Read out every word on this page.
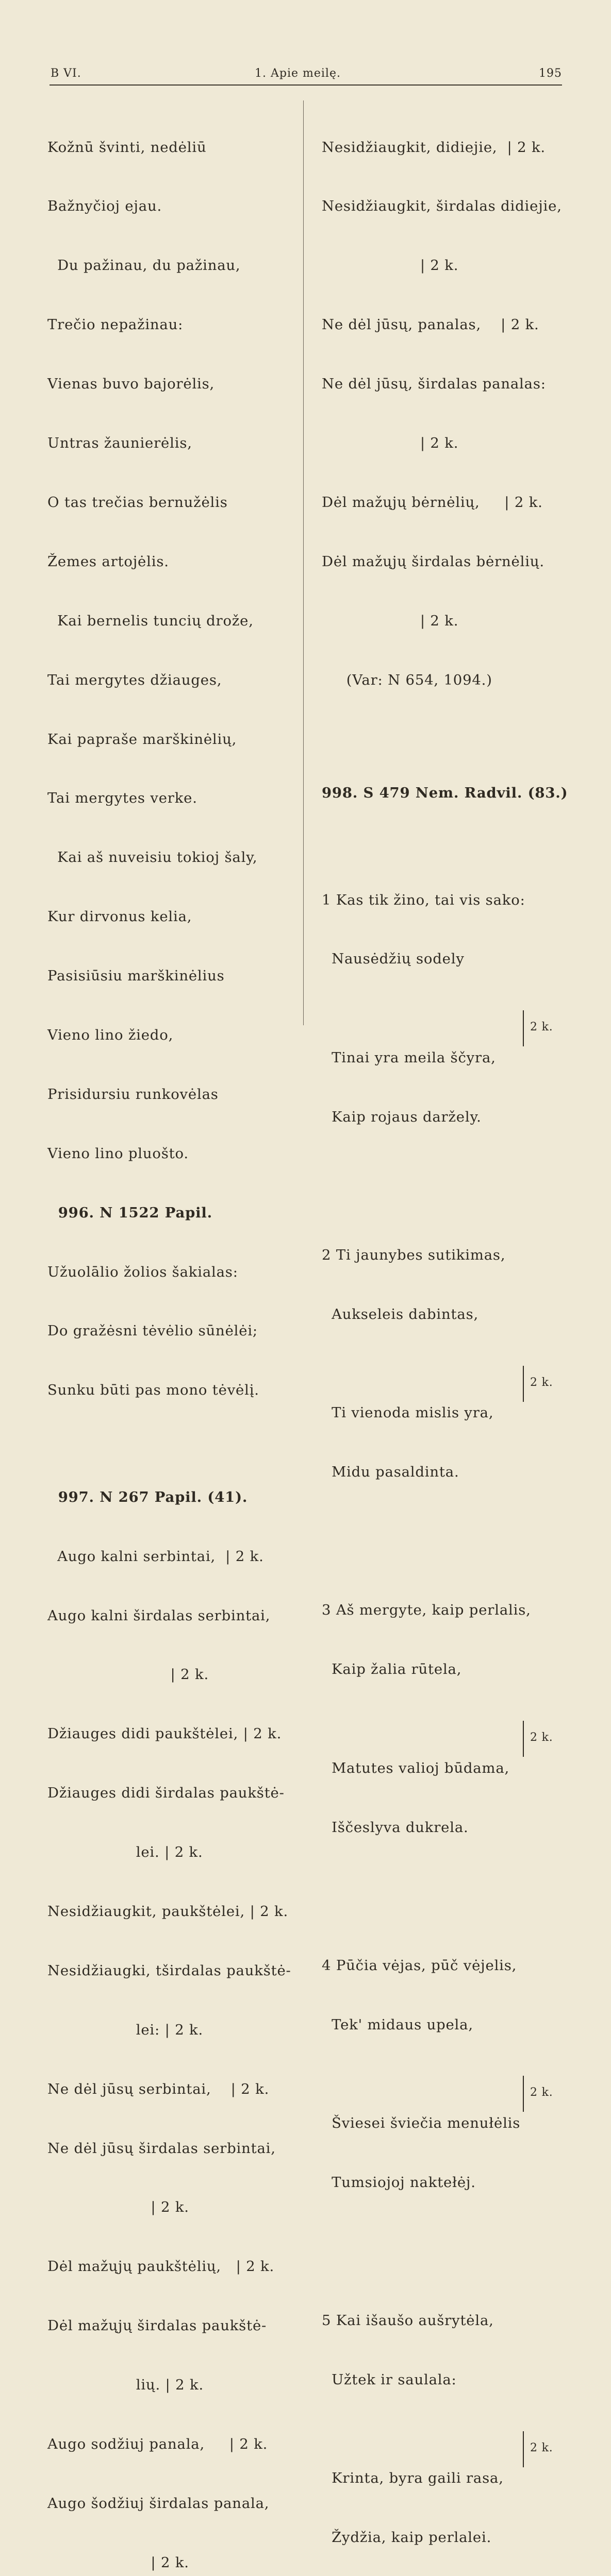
B VI.	1. Apie meilę.	195

Kožnū švinti, nedėliū

Bažnyčioj ejau.

Du pažinau, du pažinau,

Trečio nepažinau:

Vienas buvo bajorėlis,

Untras žaunierėlis,

O tas trečias bernužėlis

Žemes artojėlis.

Kai bernelis tuncių drože,

Tai mergytes džiauges,

Kai papraše marškinėlių,

Tai mergytes verke.

Kai aš nuveisiu tokioj šaly,

Kur dirvonus kelia,

Pasisiūsiu marškinėlius

Vieno lino žiedo,

Prisidursiu runkovėlas

Vieno lino pluošto.

996. N 1522 Papil.

Užuolālio žolios šakialas:

Do gražėsni tėvėlio sūnėlėi;

Sunku būti pas mono tėvėlį.

997. N 267 Papil. (41).

Augo kalni serbintai,  | 2 k.

Augo kalni širdalas serbintai,

| 2 k.

Džiauges didi paukštėlei, | 2 k.

Džiauges didi širdalas paukštė-

lei. | 2 k.

Nesidžiaugkit, paukštėlei, | 2 k.

Nesidžiaugki, tširdalas paukštė-

lei: | 2 k.

Ne dėl jūsų serbintai,    | 2 k.

Ne dėl jūsų širdalas serbintai,

| 2 k.

Dėl mažųjų paukštėlių,   | 2 k.

Dėl mažųjų širdalas paukštė-

lių. | 2 k.

Augo sodžiuj panala,     | 2 k.

Augo šodžiuj širdalas panala,

| 2 k.

Nesidžiaugkit, didiejie,  | 2 k.

Nesidžiaugkit, širdalas didiejie,

| 2 k.

Ne dėl jūsų, panalas,    | 2 k.

Ne dėl jūsų, širdalas panalas:

| 2 k.

Dėl mažųjų bėrnėlių,     | 2 k.

Dėl mažųjų širdalas bėrnėlių.

| 2 k.

(Var: N 654, 1094.)

998. S 479 Nem. Radvil. (83.)

1 Kas tik žino, tai vis sako:

Nausėdžių sodely

Tinai yra meila ščyra,

Kaip rojaus daržely.

2 k.

2 Ti jaunybes sutikimas,

Aukseleis dabintas,

Ti vienoda mislis yra,

Midu pasaldinta.

2 k.

3 Aš mergyte, kaip perlalis,

Kaip žalia rūtela,

Matutes valioj būdama,

Iščeslyva dukrela.

2 k.

4 Pūčia vėjas, pūč vėjelis,

Tek' midaus upela,

Šviesei šviečia menułėlis

Tumsiojoj naktełėj.

2 k.

5 Kai išaušo aušrytėla,

Užtek ir saulala:

Krinta, byra gaili rasa,

Žydžia, kaip perlalei.

2 k.
